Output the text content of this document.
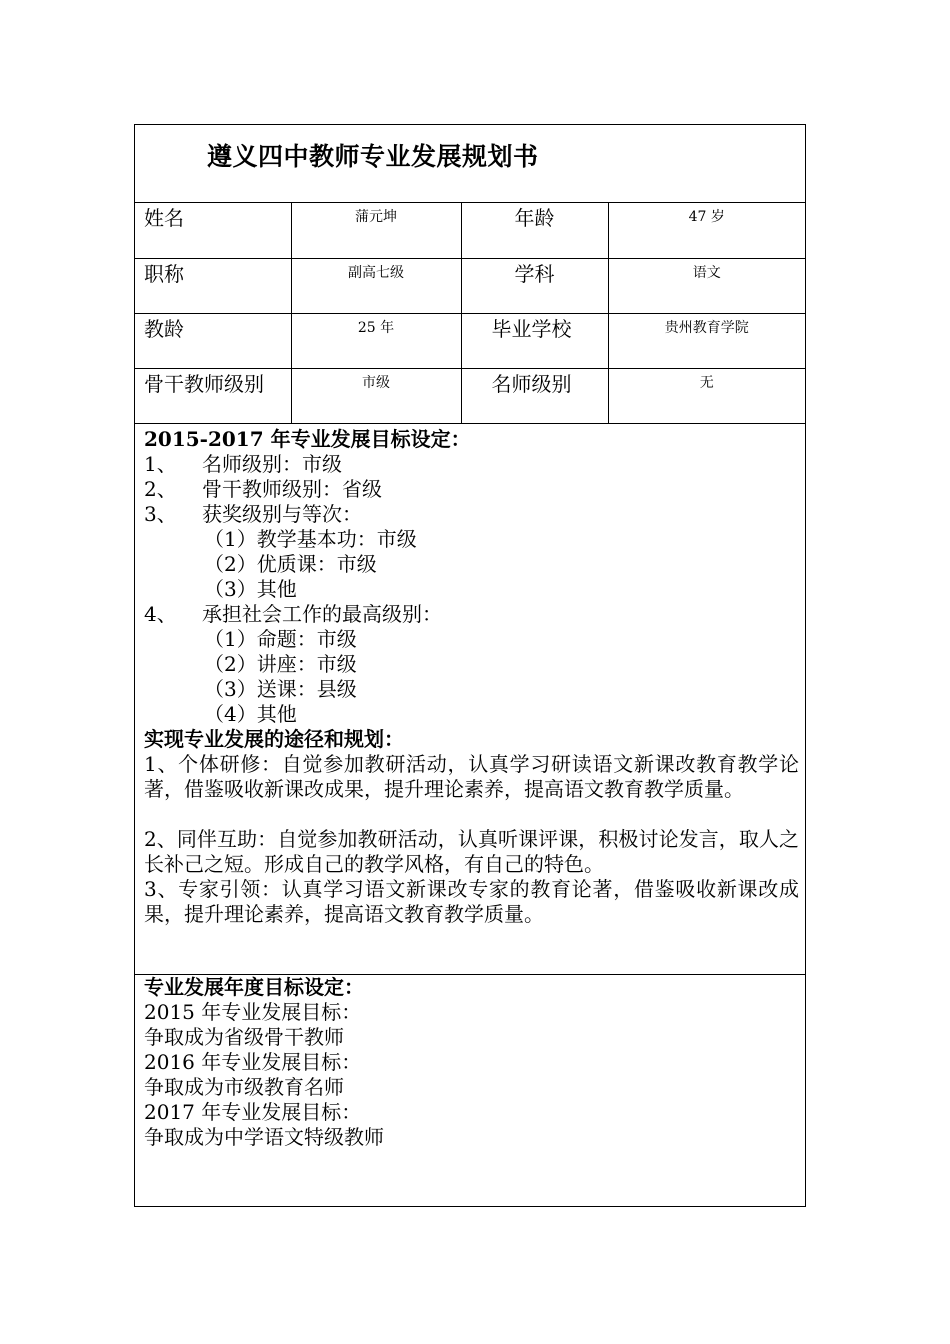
遵义四中教师专业发展规划书
姓名	蒲元坤	年龄	47 岁

职称	副高七级	学科	语文

教龄	25 年	毕业学校	贵州教育学院

骨干教师级别	市级	名师级别	无
2015-2017 年专业发展目标设定：
1、 名师级别：市级
2、 骨干教师级别：省级
3、 获奖级别与等次：
（1）教学基本功：市级
（2）优质课：市级
（3）其他
4、 承担社会工作的最高级别：
（1）命题：市级
（2）讲座：市级
（3）送课：县级
（4）其他
实现专业发展的途径和规划：
1、个体研修：自觉参加教研活动，认真学习研读语文新课改教育教学论著，借鉴吸收新课改成果，提升理论素养，提高语文教育教学质量。
2、同伴互助：自觉参加教研活动，认真听课评课，积极讨论发言，取人之长补己之短。形成自己的教学风格，有自己的特色。
3、专家引领：认真学习语文新课改专家的教育论著，借鉴吸收新课改成果，提升理论素养，提高语文教育教学质量。
专业发展年度目标设定：
2015 年专业发展目标：
争取成为省级骨干教师
2016 年专业发展目标：
争取成为市级教育名师
2017 年专业发展目标：
争取成为中学语文特级教师
